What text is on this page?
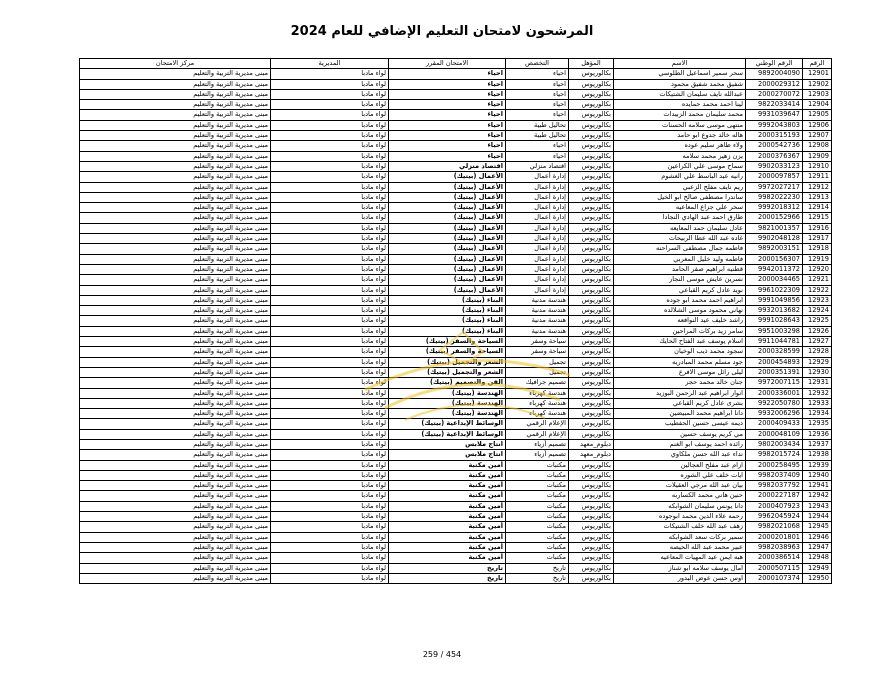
المرشحون لامتحان التعليم الإضافي للعام 2024
الرقم	الرقم الوطني	الاسم	المؤهل	التخصص	الامتحان المقرر	المديرية	مركز الامتحان
12901	9892004090	سحر سمير اسماعيل الطلوسي	بكالوريوس	احياء	احياء	لواء مادبا	مبنى مديرية التربية والتعليم
12902	2000029312	شفيق محمد شفيق محمود	بكالوريوس	احياء	احياء	لواء مادبا	مبنى مديرية التربية والتعليم
12903	2000270072	عبدالله نايف سليمان الشتيكات	بكالوريوس	احياء	احياء	لواء مادبا	مبنى مديرية التربية والتعليم
12904	9822033414	لينا احمد محمد حمايده	بكالوريوس	احياء	احياء	لواء مادبا	مبنى مديرية التربية والتعليم
12905	9931039647	محمد سليمان محمد الزبيدات	بكالوريوس	احياء	احياء	لواء مادبا	مبنى مديرية التربية والتعليم
12906	9992043803	منتهى موسى سلامه الحسنات	بكالوريوس	تحاليل طبية	احياء	لواء مادبا	مبنى مديرية التربية والتعليم
12907	2000315193	هاله خالد جدوع ابو حامد	بكالوريوس	تحاليل طبية	احياء	لواء مادبا	مبنى مديرية التربية والتعليم
12908	2000542736	ولاء ظاهر سليم عوده	بكالوريوس	احياء	احياء	لواء مادبا	مبنى مديرية التربية والتعليم
12909	2000376367	يزن زهير محمد سلامه	بكالوريوس	احياء	احياء	لواء مادبا	مبنى مديرية التربية والتعليم
12910	9902033123	سماح موسى علي الكراعين	بكالوريوس	اقتصاد منزلي	اقتصاد منزلي	لواء مادبا	مبنى مديرية التربية والتعليم
12911	2000097857	رانيه عبد الباسط علي الغشوم	بكالوريوس	إدارة أعمال	الأعمال (بيتيك)	لواء مادبا	مبنى مديرية التربية والتعليم
12912	9972027217	ريم نايف مفلح الزعبي	بكالوريوس	إدارة أعمال	الأعمال (بيتيك)	لواء مادبا	مبنى مديرية التربية والتعليم
12913	9982022230	ساندرا مصطفى صالح ابو الخيل	بكالوريوس	إدارة أعمال	الأعمال (بيتيك)	لواء مادبا	مبنى مديرية التربية والتعليم
12914	9992018312	سحر علي جزاع المعاعيه	بكالوريوس	إدارة أعمال	الأعمال (بيتيك)	لواء مادبا	مبنى مديرية التربية والتعليم
12915	2000152966	طارق احمد عبد الهادي النجادا	بكالوريوس	إدارة أعمال	الأعمال (بيتيك)	لواء مادبا	مبنى مديرية التربية والتعليم
12916	9821001357	عادل سليمان حمد المعايعه	بكالوريوس	إدارة أعمال	الأعمال (بيتيك)	لواء مادبا	مبنى مديرية التربية والتعليم
12917	9902048128	غاده عبد الله عطا الربيحات	بكالوريوس	إدارة أعمال	الأعمال (بيتيك)	لواء مادبا	مبنى مديرية التربية والتعليم
12918	9892003151	فاطمه جمال مصطفى السراحنه	بكالوريوس	إدارة أعمال	الأعمال (بيتيك)	لواء مادبا	مبنى مديرية التربية والتعليم
12919	2000156307	فاطمه وليد خليل المغربي	بكالوريوس	إدارة أعمال	الأعمال (بيتيك)	لواء مادبا	مبنى مديرية التربية والتعليم
12920	9942011372	قطنيه ابراهيم صقر الحامد	بكالوريوس	إدارة أعمال	الأعمال (بيتيك)	لواء مادبا	مبنى مديرية التربية والتعليم
12921	2000034465	نسرين عايش موسى النجار	بكالوريوس	إدارة أعمال	الأعمال (بيتيك)	لواء مادبا	مبنى مديرية التربية والتعليم
12922	9961022309	نويد عادل كريم القباعي	بكالوريوس	إدارة أعمال	الأعمال (بيتيك)	لواء مادبا	مبنى مديرية التربية والتعليم
12923	9991049856	ابراهيم احمد محمد ابو جوده	بكالوريوس	هندسة مدنية	البناء (بيتيك)	لواء مادبا	مبنى مديرية التربية والتعليم
12924	9932013682	نهاني محمود موسى الشلالده	بكالوريوس	هندسة مدنية	البناء (بيتيك)	لواء مادبا	مبنى مديرية التربية والتعليم
12925	9991028643	راشد خليف عيد النوافعه	بكالوريوس	هندسة مدنية	البناء (بيتيك)	لواء مادبا	مبنى مديرية التربية والتعليم
12926	9951003298	سامر زيد بركات المراحين	بكالوريوس	هندسة مدنية	البناء (بيتيك)	لواء مادبا	مبنى مديرية التربية والتعليم
12927	9911044781	اسلام يوسف عبد الفتاح الحايك	بكالوريوس	سياحة وسفر	السياحة والسفر (بيتيك)	لواء مادبا	مبنى مديرية التربية والتعليم
12928	2000328599	سجود محمد ذيب الوخيان	بكالوريوس	سياحة وسفر	السياحة والسفر (بيتيك)	لواء مادبا	مبنى مديرية التربية والتعليم
12929	2000454893	جود مسلم محمد المبادريه	بكالوريوس	تجميل	الشعر والتجميل (بيتيك)	لواء مادبا	مبنى مديرية التربية والتعليم
12930	2000351391	ليلى رائل موسى الافرع	بكالوريوس	تجميل	الشعر والتجميل (بيتيك)	لواء مادبا	مبنى مديرية التربية والتعليم
12931	9972007115	جنان خالد محمد حجر	بكالوريوس	تصميم جرافيك	الفن والتصميم (بيتيك)	لواء مادبا	مبنى مديرية التربية والتعليم
12932	2000336001	انوار ابراهيم عبد الرحمن البوزيد	بكالوريوس	هندسة كهرباء	الهندسة (بيتيك)	لواء مادبا	مبنى مديرية التربية والتعليم
12933	9922050780	بشرى عادل كريم القباعي	بكالوريوس	هندسة كهرباء	الهندسة (بيتيك)	لواء مادبا	مبنى مديرية التربية والتعليم
12934	9932006296	دانا ابراهيم محمد المبيضين	بكالوريوس	هندسة كهرباء	الهندسة (بيتيك)	لواء مادبا	مبنى مديرية التربية والتعليم
12935	2000409433	ديمه عيسى حسين الحفطيب	بكالوريوس	الإعلام الرقمي	الوسائط الإبداعية (بيتيك)	لواء مادبا	مبنى مديرية التربية والتعليم
12936	2000048109	مي كريم يوسف حسين	بكالوريوس	الإعلام الرقمي	الوسائط الإبداعية (بيتيك)	لواء مادبا	مبنى مديرية التربية والتعليم
12937	9802003434	رائده احمد يوسف ابو الغنم	دبلوم_معهد	تصميم أزياء	انتاج ملابس	لواء مادبا	مبنى مديرية التربية والتعليم
12938	9982015724	نداء عبد الله حسن ملكاوي	دبلوم_معهد	تصميم أزياء	انتاج ملابس	لواء مادبا	مبنى مديرية التربية والتعليم
12939	2000258495	ازام عبد مفلح العجالين	بكالوريوس	مكتبات	أمين مكتبة	لواء مادبا	مبنى مديرية التربية والتعليم
12940	9982037409	ايات خلف علي الشوره	بكالوريوس	مكتبات	أمين مكتبة	لواء مادبا	مبنى مديرية التربية والتعليم
12941	9982037792	بيان عبد الله مرجي العقيلات	بكالوريوس	مكتبات	أمين مكتبة	لواء مادبا	مبنى مديرية التربية والتعليم
12942	2000227187	حنين هاني محمد الكساربه	بكالوريوس	مكتبات	أمين مكتبة	لواء مادبا	مبنى مديرية التربية والتعليم
12943	2000407923	دانا يونس سليمان الشوابكه	بكالوريوس	مكتبات	أمين مكتبة	لواء مادبا	مبنى مديرية التربية والتعليم
12944	9962045924	رحمه علاء الدين محمد ابوجوده	بكالوريوس	مكتبات	أمين مكتبة	لواء مادبا	مبنى مديرية التربية والتعليم
12945	9982021068	زهف عبد الله خلف الشتيكات	بكالوريوس	مكتبات	أمين مكتبة	لواء مادبا	مبنى مديرية التربية والتعليم
12946	2000201801	سمير بركات سعد الشوابكه	بكالوريوس	مكتبات	أمين مكتبة	لواء مادبا	مبنى مديرية التربية والتعليم
12947	9982038963	عبير محمد عبد الله الحيصه	بكالوريوس	مكتبات	أمين مكتبة	لواء مادبا	مبنى مديرية التربية والتعليم
12948	2000386514	هبه ايمن عيد المهيات المعاعيه	بكالوريوس	مكتبات	أمين مكتبة	لواء مادبا	مبنى مديرية التربية والتعليم
12949	2000507115	امال يوسف سلامه ابو شناز	بكالوريوس	تاريخ	تاريخ	لواء مادبا	مبنى مديرية التربية والتعليم
12950	2000107374	اوس حسن عوض البدور	بكالوريوس	تاريخ	تاريخ	لواء مادبا	مبنى مديرية التربية والتعليم
259 / 454
